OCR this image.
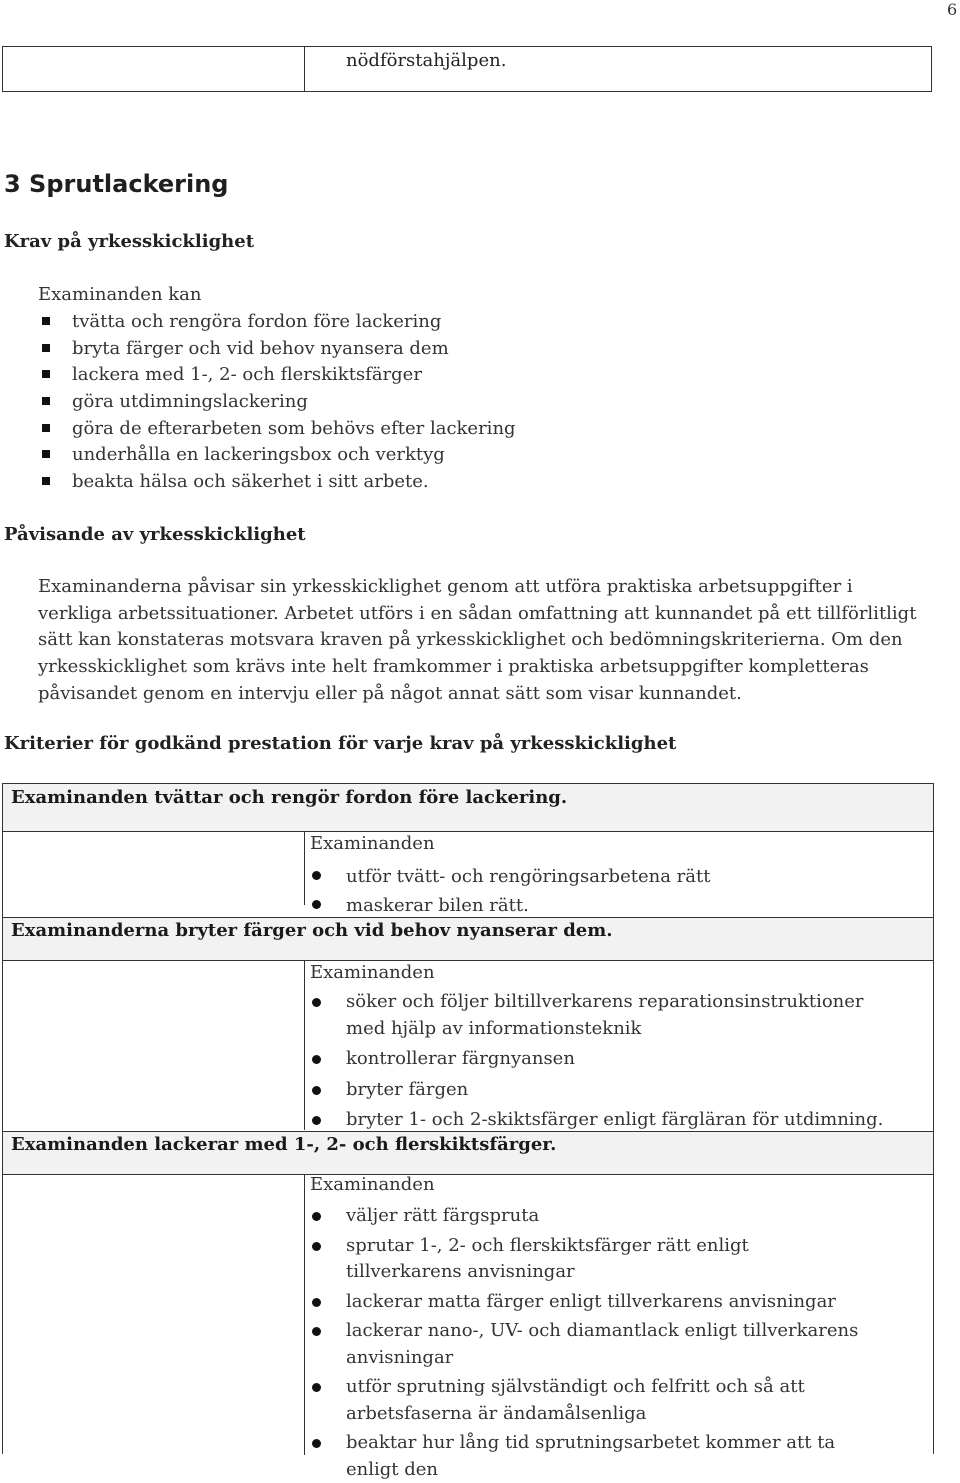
6
nödförstahjälpen.
3 Sprutlackering
Krav på yrkesskicklighet
Examinanden kan
tvätta och rengöra fordon före lackering
bryta färger och vid behov nyansera dem
lackera med 1-, 2- och flerskiktsfärger
göra utdimningslackering
göra de efterarbeten som behövs efter lackering
underhålla en lackeringsbox och verktyg
beakta hälsa och säkerhet i sitt arbete.
Påvisande av yrkesskicklighet

Examinanderna påvisar sin yrkesskicklighet genom att utföra praktiska arbetsuppgifter i verkliga arbetssituationer. Arbetet utförs i en sådan omfattning att kunnandet på ett tillförlitligt sätt kan konstateras motsvara kraven på yrkesskicklighet och bedömningskriterierna. Om den yrkesskicklighet som krävs inte helt framkommer i praktiska arbetsuppgifter kompletteras påvisandet genom en intervju eller på något annat sätt som visar kunnandet.

Kriterier för godkänd prestation för varje krav på yrkesskicklighet
Examinanden tvättar och rengör fordon före lackering.
Examinanden
utför tvätt- och rengöringsarbetena rätt
maskerar bilen rätt.
Examinanderna bryter färger och vid behov nyanserar dem.
Examinanden
söker och följer biltillverkarens reparationsinstruktioner med hjälp av informationsteknik
kontrollerar färgnyansen
bryter färgen
bryter 1- och 2-skiktsfärger enligt färgläran för utdimning.
Examinanden lackerar med 1-, 2- och flerskiktsfärger.
Examinanden
väljer rätt färgspruta
sprutar 1-, 2- och flerskiktsfärger rätt enligt tillverkarens anvisningar
lackerar matta färger enligt tillverkarens anvisningar
lackerar nano-, UV- och diamantlack enligt tillverkarens anvisningar
utför sprutning självständigt och felfritt och så att arbetsfaserna är ändamålsenliga
beaktar hur lång tid sprutningsarbetet kommer att ta enligt den
